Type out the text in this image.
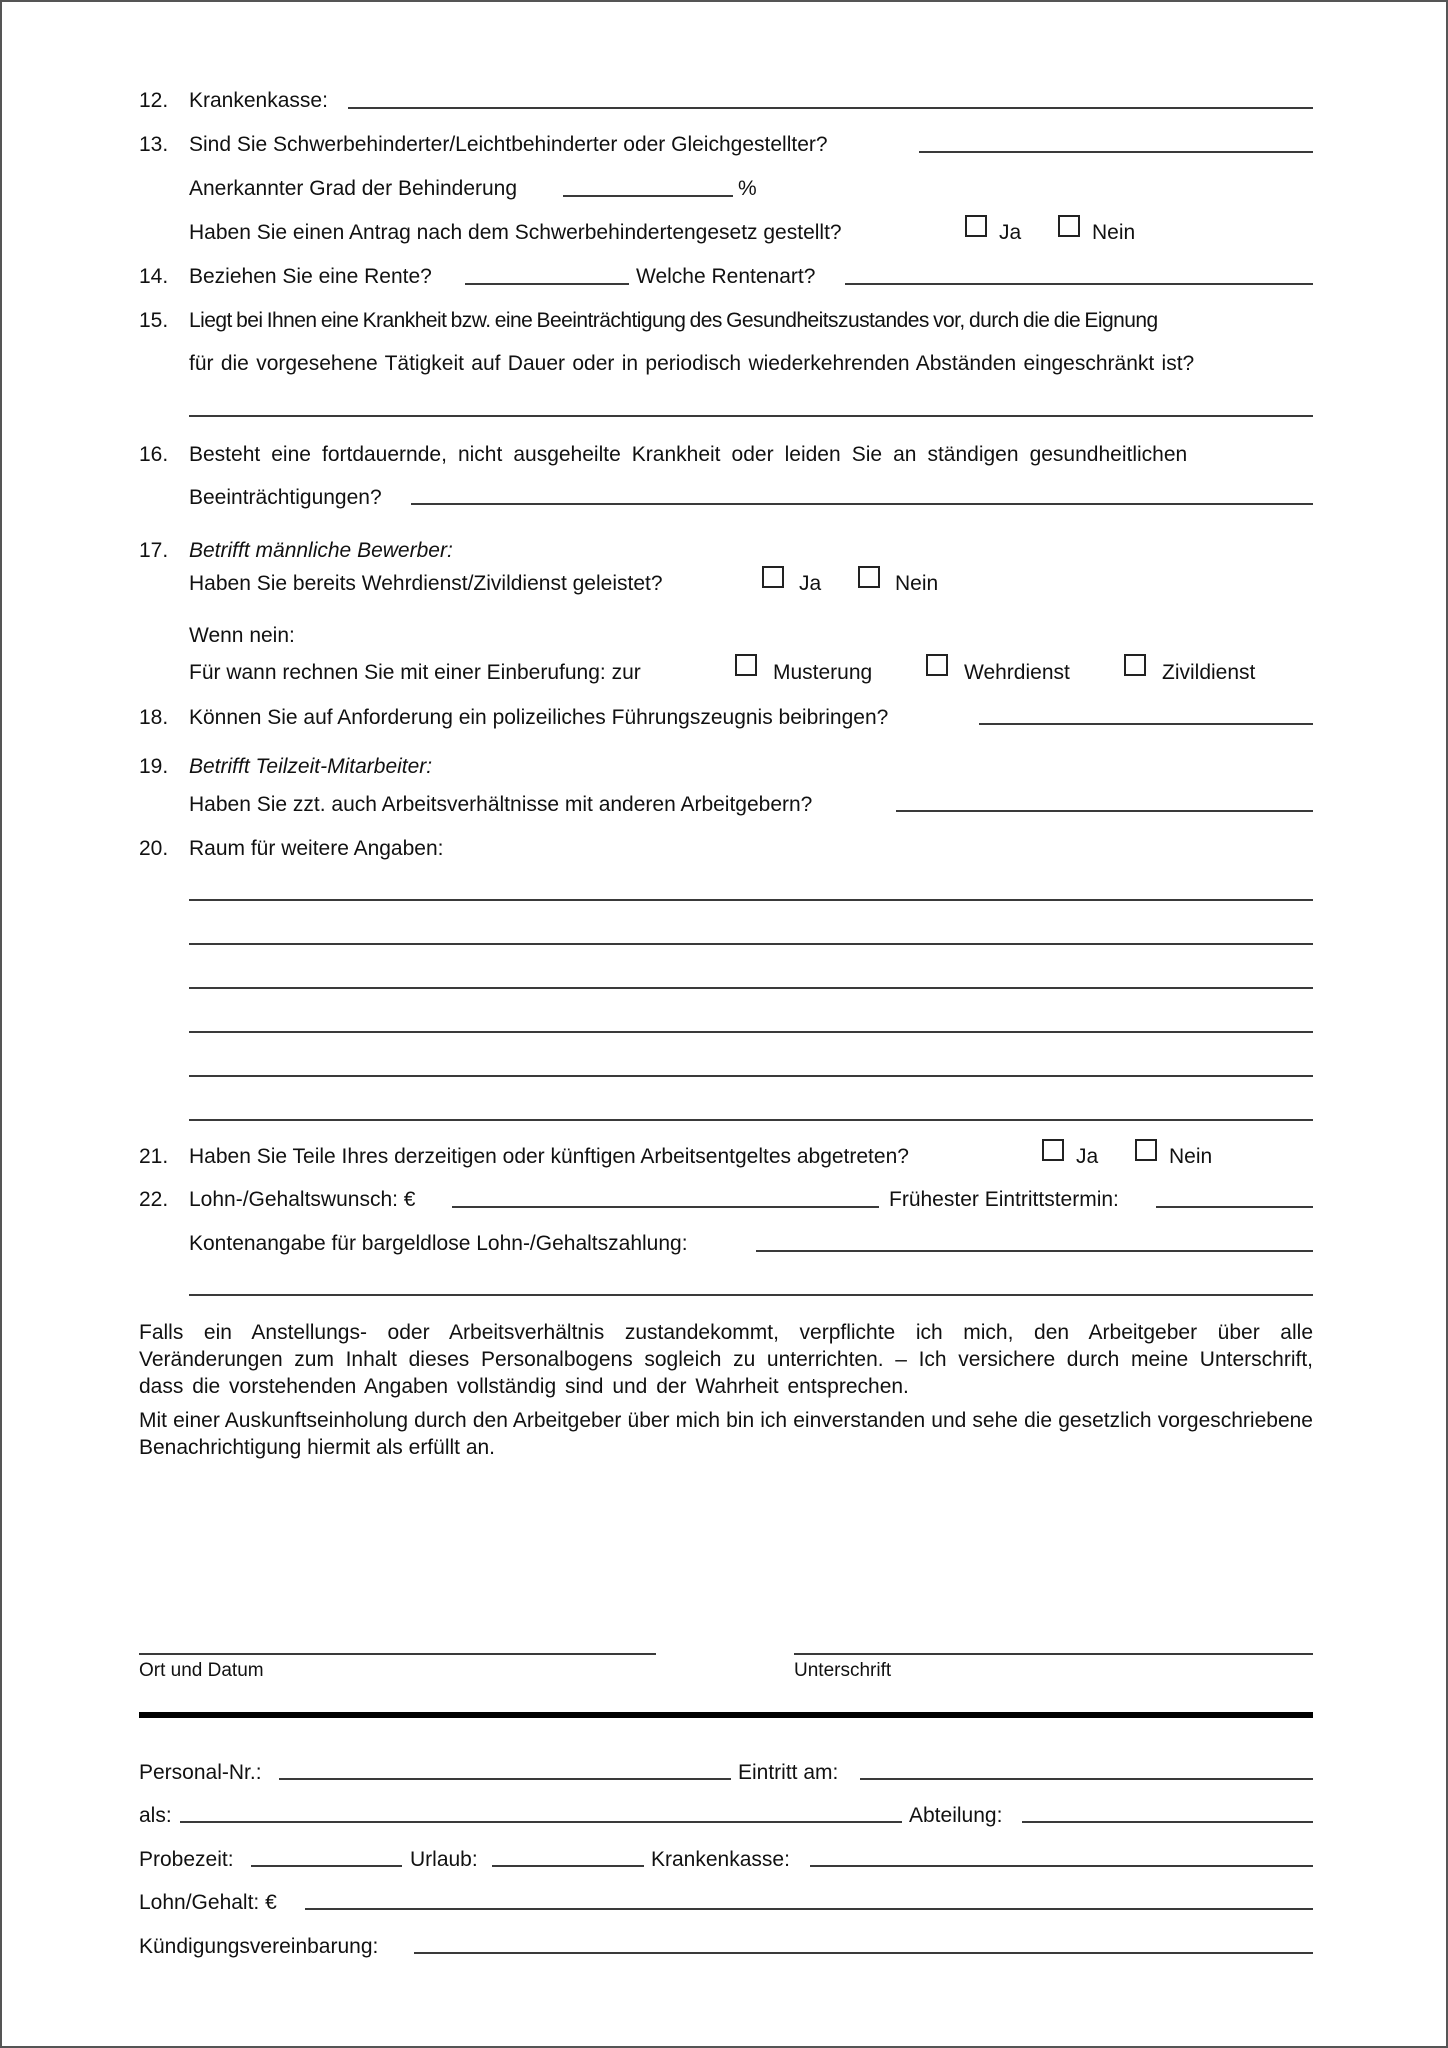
12. Krankenkasse:
13. Sind Sie Schwerbehinderter/Leichtbehinderter oder Gleichgestellter?
Anerkannter Grad der Behinderung	%
Haben Sie einen Antrag nach dem Schwerbehindertengesetz gestellt?	Ja	Nein
14. Beziehen Sie eine Rente?	Welche Rentenart?
15. Liegt bei Ihnen eine Krankheit bzw. eine Beeinträchtigung des Gesundheitszustandes vor, durch die die Eignung
für die vorgesehene Tätigkeit auf Dauer oder in periodisch wiederkehrenden Abständen eingeschränkt ist?
16. Besteht eine fortdauernde, nicht ausgeheilte Krankheit oder leiden Sie an ständigen gesundheitlichen
Beeinträchtigungen?
17. Betrifft männliche Bewerber:
Haben Sie bereits Wehrdienst/Zivildienst geleistet?	Ja	Nein
Wenn nein:
Für wann rechnen Sie mit einer Einberufung: zur	Musterung	Wehrdienst	Zivildienst
18. Können Sie auf Anforderung ein polizeiliches Führungszeugnis beibringen?
19. Betrifft Teilzeit-Mitarbeiter:
Haben Sie zzt. auch Arbeitsverhältnisse mit anderen Arbeitgebern?
20. Raum für weitere Angaben:
21. Haben Sie Teile Ihres derzeitigen oder künftigen Arbeitsentgeltes abgetreten?	Ja	Nein
22. Lohn-/Gehaltswunsch: €	Frühester Eintrittstermin:
Kontenangabe für bargeldlose Lohn-/Gehaltszahlung:
Falls ein Anstellungs- oder Arbeitsverhältnis zustandekommt, verpflichte ich mich, den Arbeitgeber über alle Veränderungen zum Inhalt dieses Personalbogens sogleich zu unterrichten. – Ich versichere durch meine Unterschrift, dass die vorstehenden Angaben vollständig sind und der Wahrheit entsprechen.
Mit einer Auskunftseinholung durch den Arbeitgeber über mich bin ich einverstanden und sehe die gesetzlich vorgeschriebene Benachrichtigung hiermit als erfüllt an.
Ort und Datum	Unterschrift
Personal-Nr.:	Eintritt am:
als:	Abteilung:
Probezeit:	Urlaub:	Krankenkasse:
Lohn/Gehalt: €
Kündigungsvereinbarung:
